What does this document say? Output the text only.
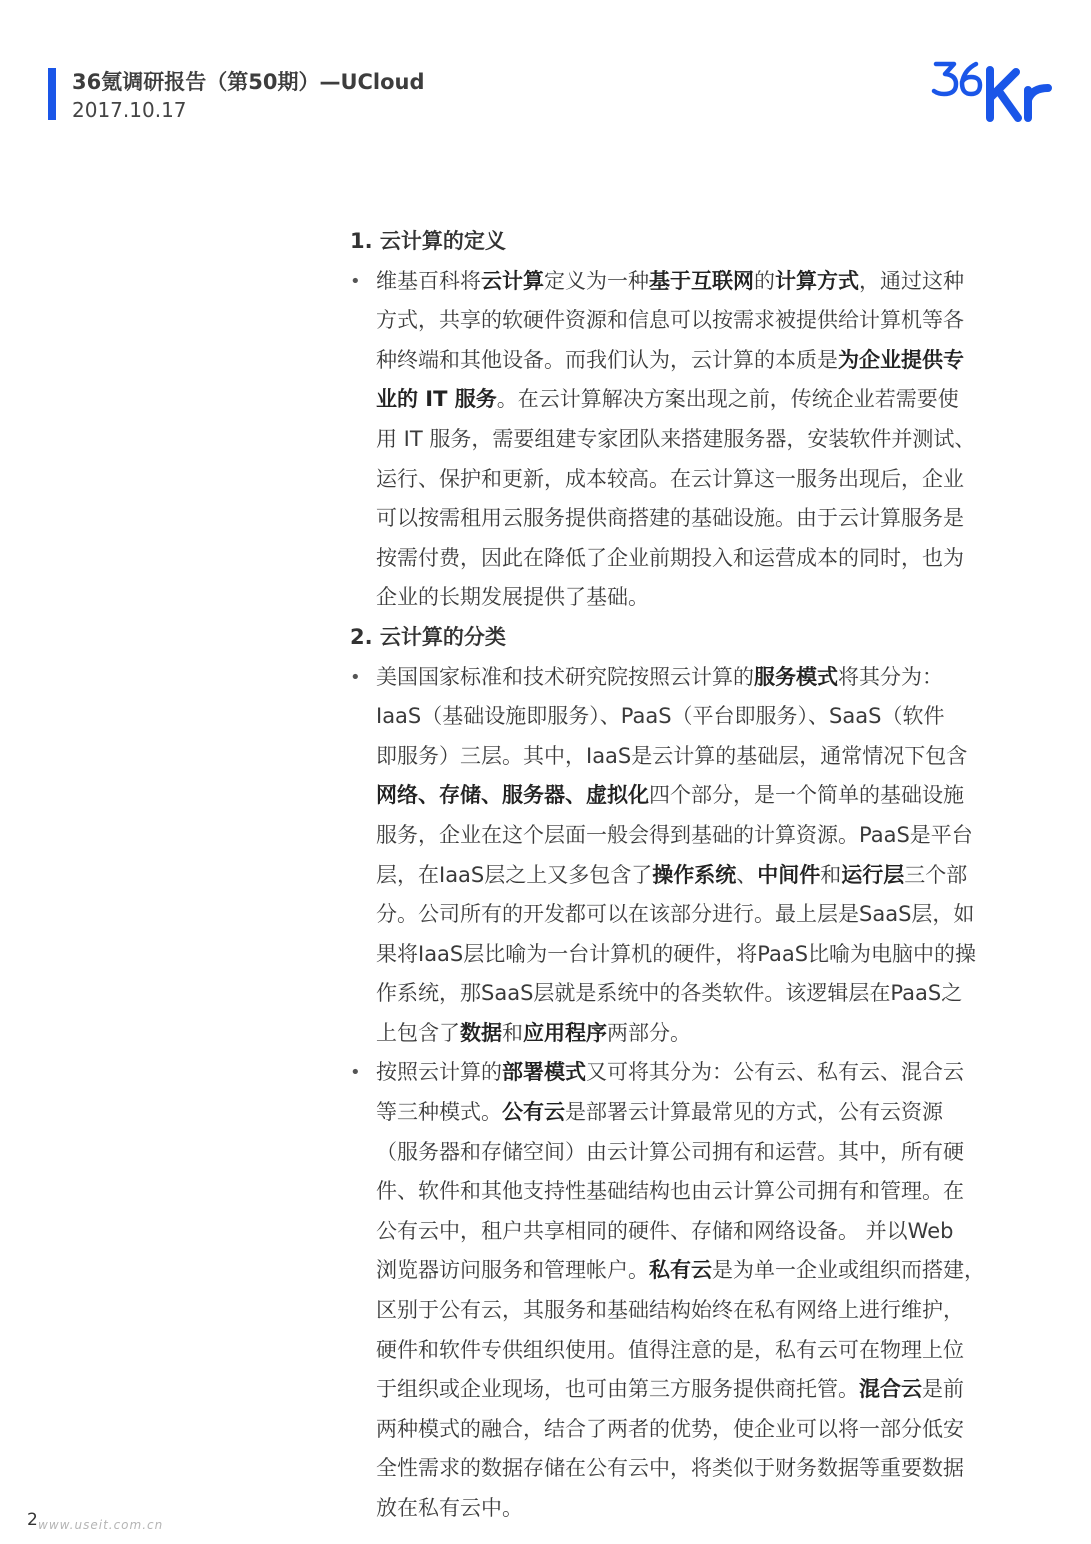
36氪调研报告（第50期）—UCloud
2017.10.17
1. 云计算的定义
• 维基百科将云计算定义为一种基于互联网的计算方式，通过这种
方式，共享的软硬件资源和信息可以按需求被提供给计算机等各
种终端和其他设备。而我们认为，云计算的本质是为企业提供专
业的 IT 服务。在云计算解决方案出现之前，传统企业若需要使
用 IT 服务，需要组建专家团队来搭建服务器，安装软件并测试、
运行、保护和更新，成本较高。在云计算这一服务出现后，企业
可以按需租用云服务提供商搭建的基础设施。由于云计算服务是
按需付费，因此在降低了企业前期投入和运营成本的同时，也为
企业的长期发展提供了基础。
2. 云计算的分类
• 美国国家标准和技术研究院按照云计算的服务模式将其分为：
IaaS（基础设施即服务）、PaaS（平台即服务）、SaaS（软件
即服务）三层。其中，IaaS是云计算的基础层，通常情况下包含
网络、存储、服务器、虚拟化四个部分，是一个简单的基础设施
服务，企业在这个层面一般会得到基础的计算资源。PaaS是平台
层，在IaaS层之上又多包含了操作系统、中间件和运行层三个部
分。公司所有的开发都可以在该部分进行。最上层是SaaS层，如
果将IaaS层比喻为一台计算机的硬件，将PaaS比喻为电脑中的操
作系统，那SaaS层就是系统中的各类软件。该逻辑层在PaaS之
上包含了数据和应用程序两部分。
• 按照云计算的部署模式又可将其分为：公有云、私有云、混合云
等三种模式。公有云是部署云计算最常见的方式，公有云资源
（服务器和存储空间）由云计算公司拥有和运营。其中，所有硬
件、软件和其他支持性基础结构也由云计算公司拥有和管理。在
公有云中，租户共享相同的硬件、存储和网络设备。 并以Web
浏览器访问服务和管理帐户。私有云是为单一企业或组织而搭建，
区别于公有云，其服务和基础结构始终在私有网络上进行维护，
硬件和软件专供组织使用。值得注意的是，私有云可在物理上位
于组织或企业现场，也可由第三方服务提供商托管。混合云是前
两种模式的融合，结合了两者的优势，使企业可以将一部分低安
全性需求的数据存储在公有云中，将类似于财务数据等重要数据
放在私有云中。
2 www.useit.com.cn
